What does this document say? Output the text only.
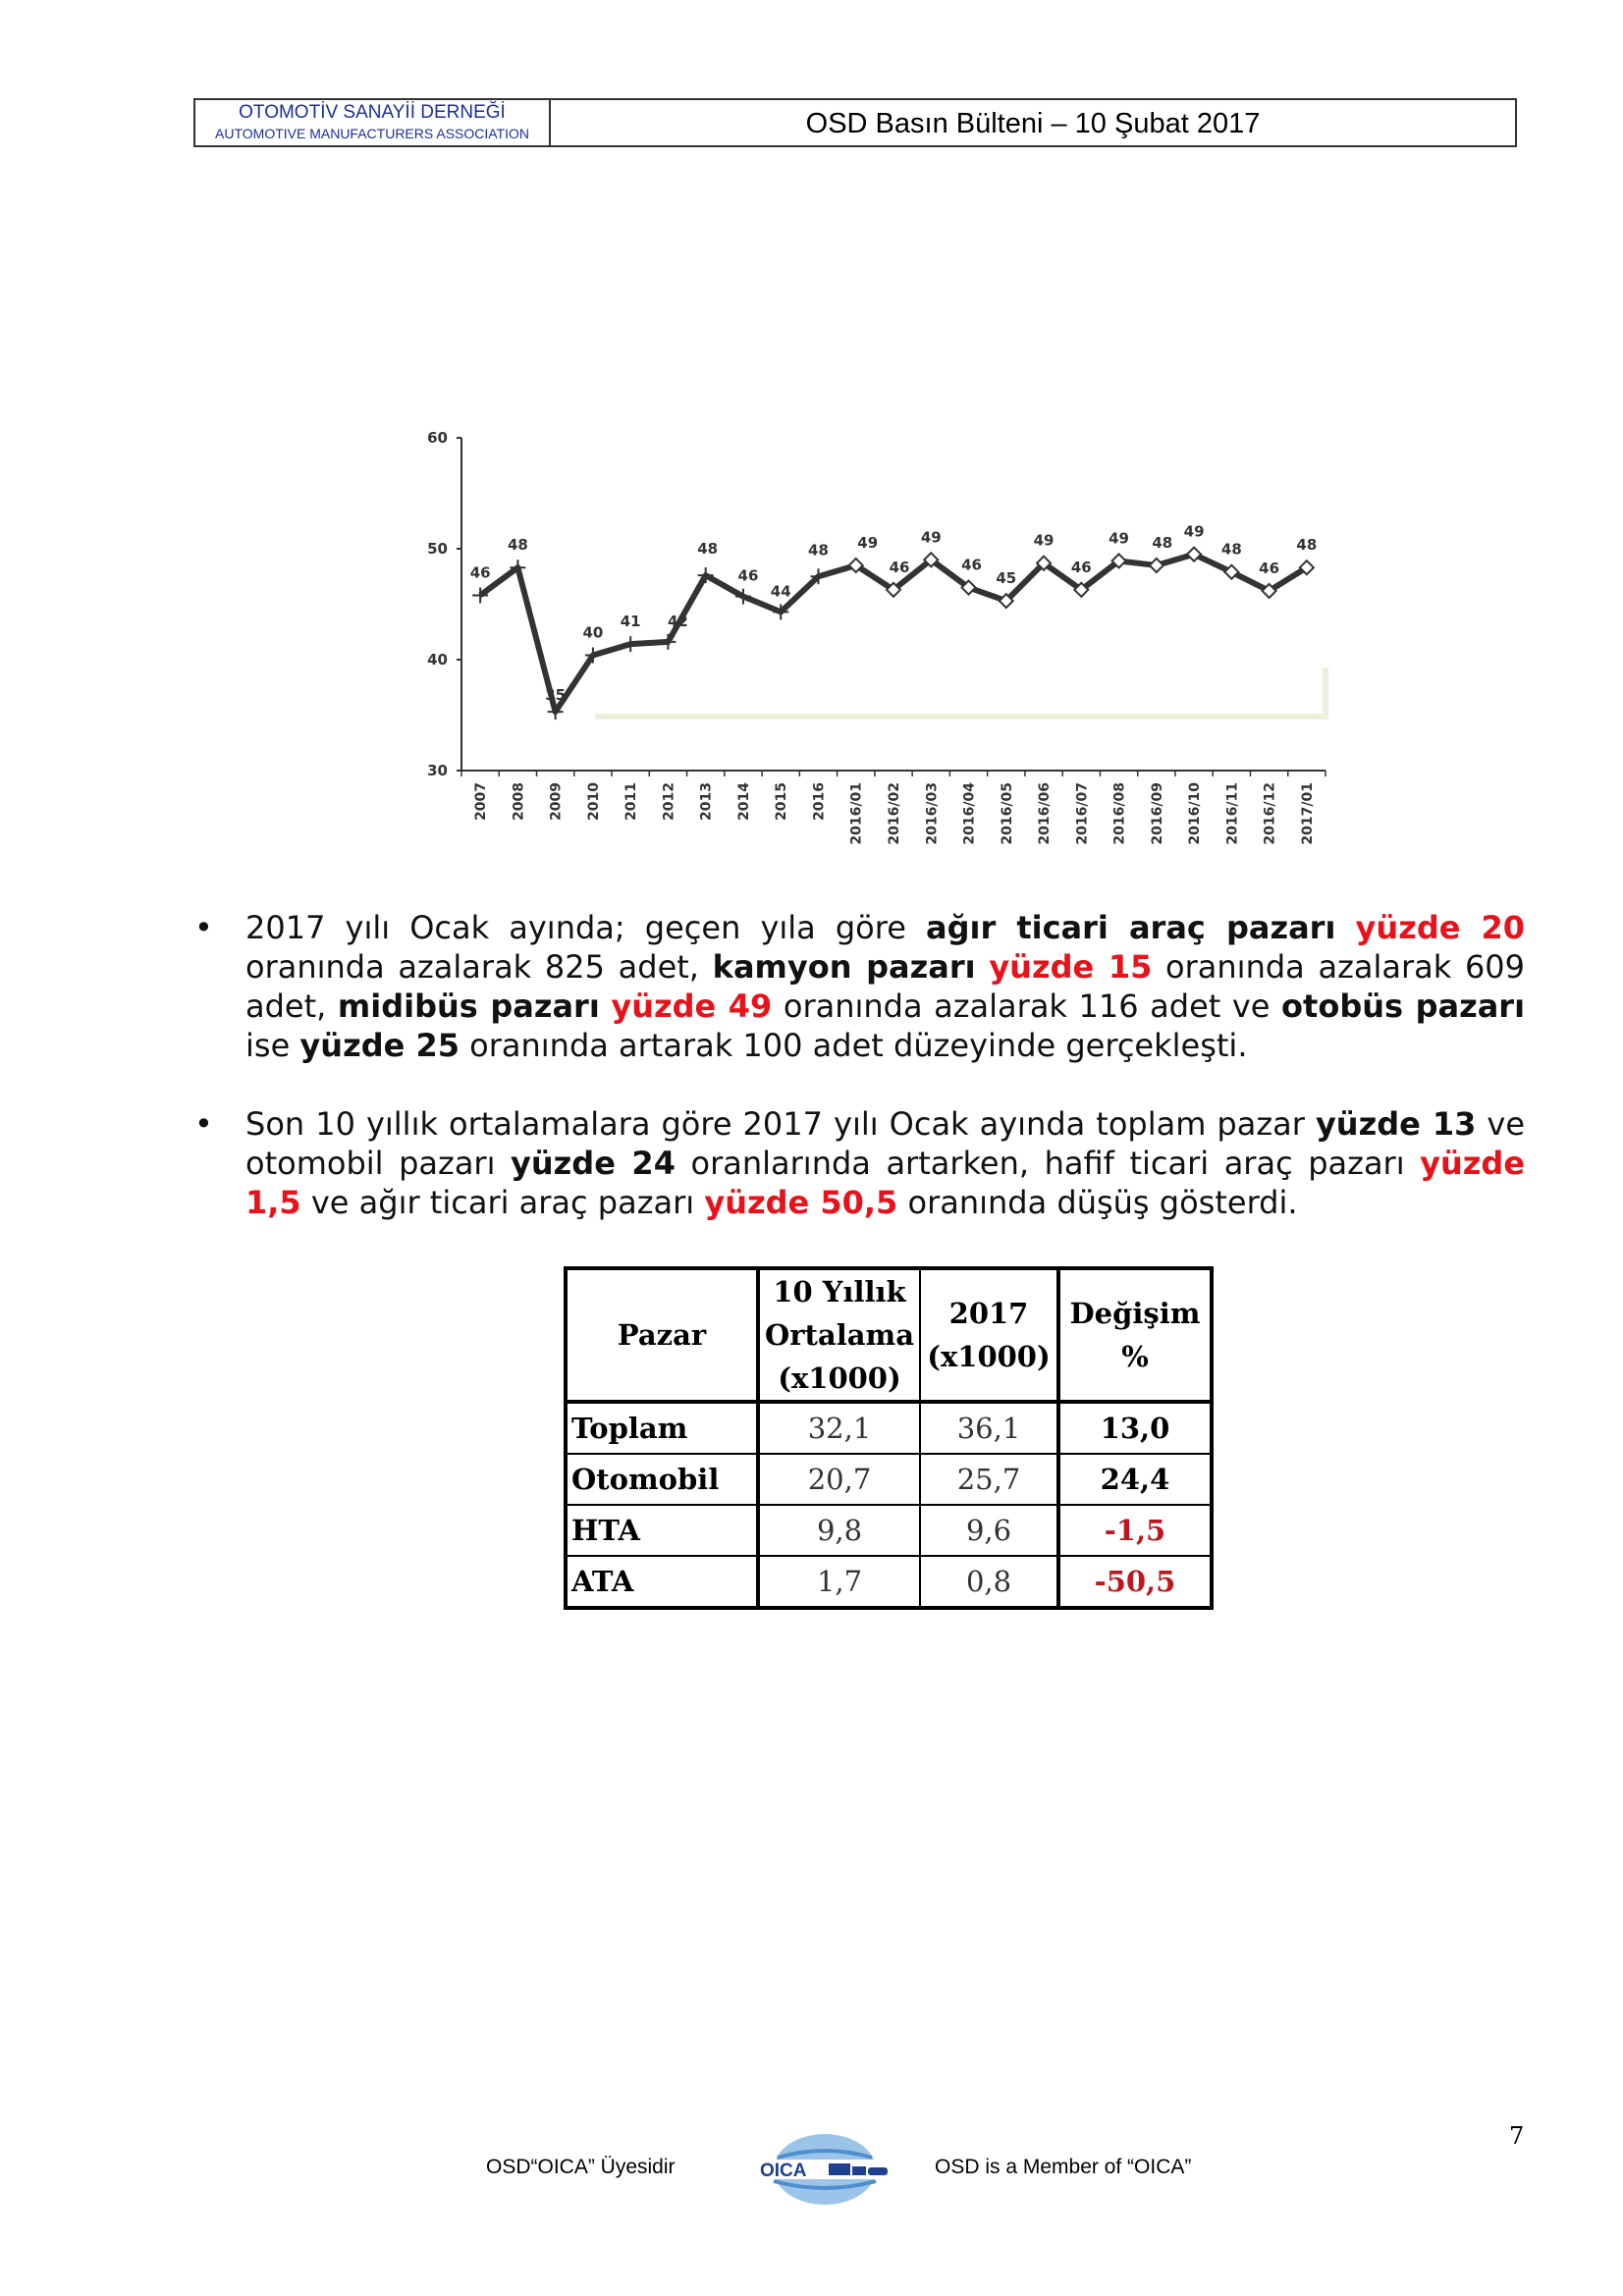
OTOMOTİV SANAYİİ DERNEĞİ
AUTOMOTIVE MANUFACTURERS ASSOCIATION	OSD Basın Bülteni – 10 Şubat 2017
30
40
50
60
2007 2008 2009 2010 2011 2012 2013 2014 2015 2016 2016/01 2016/02 2016/03 2016/04 2016/05 2016/06 2016/07 2016/08 2016/09 2016/10 2016/11 2016/12 2017/01
46
48
35
40
41 42
48
46
44
48 49
46
49
46
45
49
46
49 48
49
48
46
48
• 2017 yılı Ocak ayında; geçen yıla göre ağır ticari araç pazarı yüzde 20 oranında azalarak 825 adet, kamyon pazarı yüzde 15 oranında azalarak 609 adet, midibüs pazarı yüzde 49 oranında azalarak 116 adet ve otobüs pazarı ise yüzde 25 oranında artarak 100 adet düzeyinde gerçekleşti.
• Son 10 yıllık ortalamalara göre 2017 yılı Ocak ayında toplam pazar yüzde 13 ve otomobil pazarı yüzde 24 oranlarında artarken, hafif ticari araç pazarı yüzde 1,5 ve ağır ticari araç pazarı yüzde 50,5 oranında düşüş gösterdi.
Pazar	10 Yıllık Ortalama (x1000)	2017 (x1000)	Değişim %
Toplam	32,1	36,1	13,0
Otomobil	20,7	25,7	24,4
HTA	9,8	9,6	-1,5
ATA	1,7	0,8	-50,5
7
OSD“OICA” Üyesidir	OICA	OSD is a Member of “OICA”
